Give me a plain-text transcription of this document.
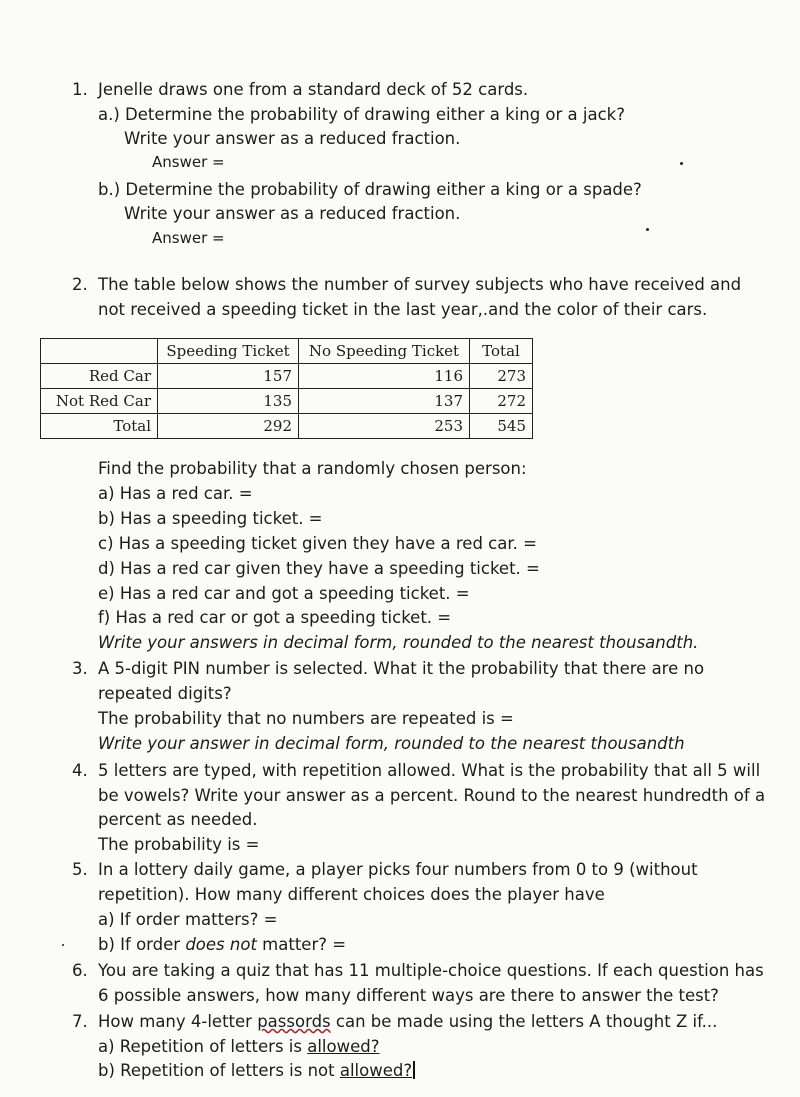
1. Jenelle draws one from a standard deck of 52 cards.
a.) Determine the probability of drawing either a king or a jack?
Write your answer as a reduced fraction.
Answer =
b.) Determine the probability of drawing either a king or a spade?
Write your answer as a reduced fraction.
Answer =
2. The table below shows the number of survey subjects who have received and
not received a speeding ticket in the last year,.and the color of their cars.
	Speeding Ticket	No Speeding Ticket	Total
Red Car	157	116	273
Not Red Car	135	137	272
Total	292	253	545
Find the probability that a randomly chosen person:
a) Has a red car. =
b) Has a speeding ticket. =
c) Has a speeding ticket given they have a red car. =
d) Has a red car given they have a speeding ticket. =
e) Has a red car and got a speeding ticket. =
f) Has a red car or got a speeding ticket. =
Write your answers in decimal form, rounded to the nearest thousandth.
3. A 5-digit PIN number is selected. What it the probability that there are no
repeated digits?
The probability that no numbers are repeated is =
Write your answer in decimal form, rounded to the nearest thousandth
4. 5 letters are typed, with repetition allowed. What is the probability that all 5 will
be vowels? Write your answer as a percent. Round to the nearest hundredth of a
percent as needed.
The probability is =
5. In a lottery daily game, a player picks four numbers from 0 to 9 (without
repetition). How many different choices does the player have
a) If order matters? =
b) If order does not matter? =
6. You are taking a quiz that has 11 multiple-choice questions. If each question has
6 possible answers, how many different ways are there to answer the test?
7. How many 4-letter passords can be made using the letters A thought Z if...
a) Repetition of letters is allowed?
b) Repetition of letters is not allowed?
